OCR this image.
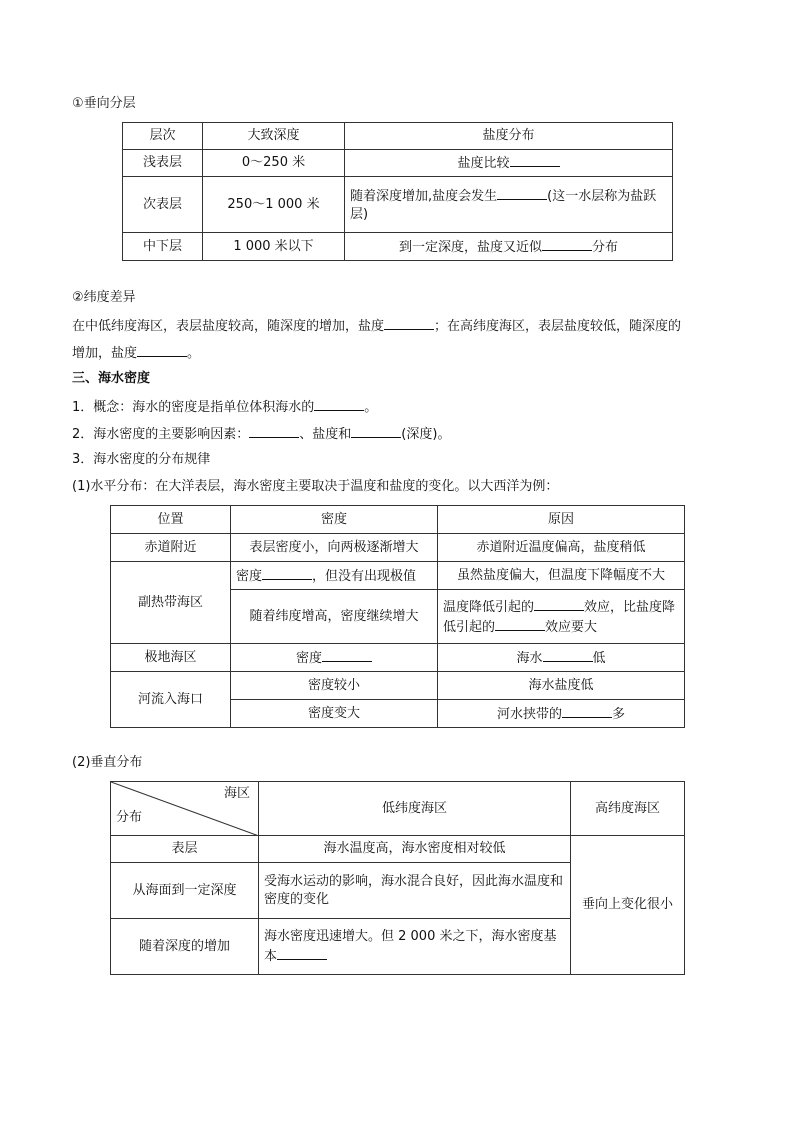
①垂向分层
层次	大致深度	盐度分布
浅表层	0～250 米	盐度比较
次表层	250～1 000 米	随着深度增加,盐度会发生 (这一水层称为盐跃层)
中下层	1 000 米以下	到一定深度，盐度又近似 分布
②纬度差异
在中低纬度海区，表层盐度较高，随深度的增加，盐度	；在高纬度海区，表层盐度较低，随深度的
增加，盐度	。
三、海水密度
1．概念：海水的密度是指单位体积海水的	。
2．海水密度的主要影响因素：	、盐度和	(深度)。
3．海水密度的分布规律
(1)水平分布：在大洋表层，海水密度主要取决于温度和盐度的变化。以大西洋为例：
位置	密度	原因
赤道附近	表层密度小，向两极逐渐增大	赤道附近温度偏高，盐度稍低
副热带海区	密度 ，但没有出现极值	虽然盐度偏大，但温度下降幅度不大
	随着纬度增高，密度继续增大	温度降低引起的 效应，比盐度降低引起的 效应要大
极地海区	密度	海水 低
河流入海口	密度较小	海水盐度低
	密度变大	河水挟带的 多
(2)垂直分布
海区
分布	低纬度海区	高纬度海区
表层	海水温度高，海水密度相对较低	垂向上变化很小
从海面到一定深度	受海水运动的影响，海水混合良好，因此海水温度和密度的变化	
随着深度的增加	海水密度迅速增大。但 2 000 米之下，海水密度基本	
